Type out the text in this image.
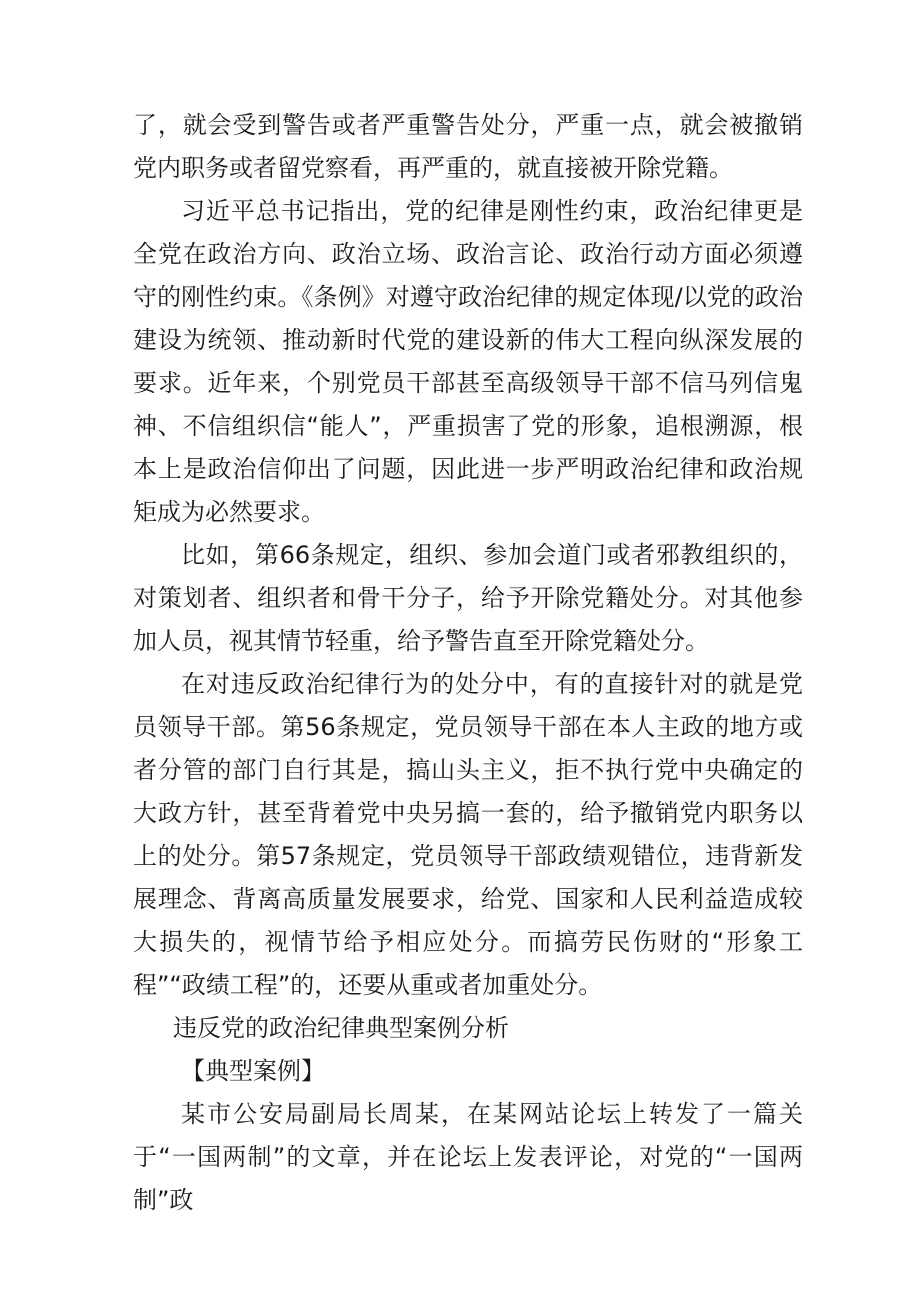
了，就会受到警告或者严重警告处分，严重一点，就会被撤销党内职务或者留党察看，再严重的，就直接被开除党籍。

习近平总书记指出，党的纪律是刚性约束，政治纪律更是全党在政治方向、政治立场、政治言论、政治行动方面必须遵守的刚性约束。《条例》对遵守政治纪律的规定体现/以党的政治建设为统领、推动新时代党的建设新的伟大工程向纵深发展的要求。近年来，个别党员干部甚至高级领导干部不信马列信鬼神、不信组织信“能人”，严重损害了党的形象，追根溯源，根本上是政治信仰出了问题，因此进一步严明政治纪律和政治规矩成为必然要求。

比如，第66条规定，组织、参加会道门或者邪教组织的，对策划者、组织者和骨干分子，给予开除党籍处分。对其他参加人员，视其情节轻重，给予警告直至开除党籍处分。

在对违反政治纪律行为的处分中，有的直接针对的就是党员领导干部。第56条规定，党员领导干部在本人主政的地方或者分管的部门自行其是，搞山头主义，拒不执行党中央确定的大政方针，甚至背着党中央另搞一套的，给予撤销党内职务以上的处分。第57条规定，党员领导干部政绩观错位，违背新发展理念、背离高质量发展要求，给党、国家和人民利益造成较大损失的，视情节给予相应处分。而搞劳民伤财的“形象工程”“政绩工程”的，还要从重或者加重处分。

违反党的政治纪律典型案例分析

【典型案例】

某市公安局副局长周某，在某网站论坛上转发了一篇关于“一国两制”的文章，并在论坛上发表评论，对党的“一国两制”政
